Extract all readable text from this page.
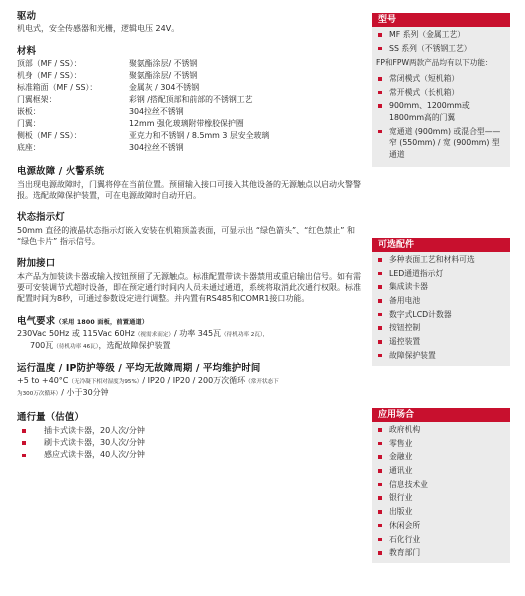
驱动
机电式，安全传感器和光栅，逻辑电压 24V。
材料
顶部（MF / SS）：	聚氨酯涂层/ 不锈钢
机身（MF / SS）：	聚氨酯涂层/ 不锈钢
标准箱面（MF / SS）：	金属灰 / 304不锈钢
门翼框架：	彩钢 /搭配顶部和前部的不锈钢工艺
嵌板：	304拉丝不锈钢
门翼：	12mm 强化玻璃附带橡胶保护圈
侧板（MF / SS）：	亚克力和不锈钢 / 8.5mm 3 层安全玻璃
底座：	304拉丝不锈钢
电源故障 / 火警系统
当出现电源故障时，门翼将停在当前位置。预留输入接口可接入其他设备的无源触点以启动火警警报。选配故障保护装置，可在电源故障时自动开启。
状态指示灯
50mm 直径的液晶状态指示灯嵌入安装在机箱顶盖表面，可显示出 “绿色箭头”、“红色禁止” 和 “绿色卡片” 指示信号。
附加接口
本产品为加装读卡器或输入按钮预留了无源触点。标准配置带读卡器禁用或重启输出信号。如有需要可安装调节式超时设备，即在预定通行时间内人员未通过通道，系统将取消此次通行权限。标准配置时间为8秒，可通过参数设定进行调整。并内置有RS485和COMR1接口功能。
电气要求（采用 1800 面板，前置通道）
230Vac 50Hz 或 115Vac 60Hz（视需求而定）/ 功率 345瓦（待机功率 2瓦），
700瓦（待机功率 46瓦），选配故障保护装置
运行温度 / IP防护等级 / 平均无故障周期 / 平均维护时间
+5 to +40°C（无冷凝下相对湿度为95%）/ IP20 / IP20 / 200万次循环（常开状态下
为300万次循环）/ 小于30分钟
通行量（估值）
插卡式读卡器，20人次/分钟
刷卡式读卡器，30人次/分钟
感应式读卡器，40人次/分钟
型号
MF 系列（金属工艺）
SS 系列（不锈钢工艺）
FP和FPW两款产品均有以下功能：
常闭模式（短机箱）
常开模式（长机箱）
900mm、1200mm或1800mm高的门翼
宽通道 (900mm) 或混合型——窄 (550mm) / 宽 (900mm) 型通道
可选配件
多种表面工艺和材料可选
LED通道指示灯
集成读卡器
备用电池
数字式LCD计数器
按钮控制
遥控装置
故障保护装置
应用场合
政府机构
零售业
金融业
通讯业
信息技术业
银行业
出版业
休闲会所
石化行业
教育部门
